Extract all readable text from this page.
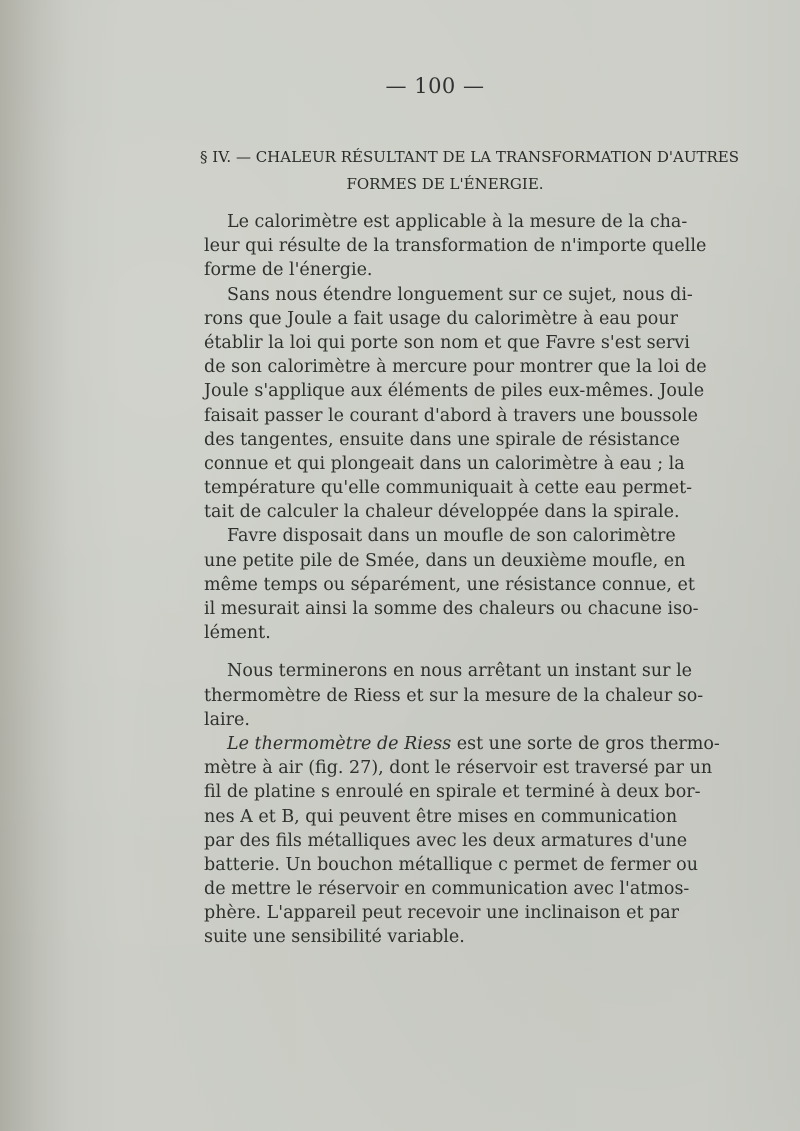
— 100 —
§ IV. — CHALEUR RÉSULTANT DE LA TRANSFORMATION D'AUTRES
FORMES DE L'ÉNERGIE.
Le calorimètre est applicable à la mesure de la cha-
leur qui résulte de la transformation de n'importe quelle
forme de l'énergie.
Sans nous étendre longuement sur ce sujet, nous di-
rons que Joule a fait usage du calorimètre à eau pour
établir la loi qui porte son nom et que Favre s'est servi
de son calorimètre à mercure pour montrer que la loi de
Joule s'applique aux éléments de piles eux-mêmes. Joule
faisait passer le courant d'abord à travers une boussole
des tangentes, ensuite dans une spirale de résistance
connue et qui plongeait dans un calorimètre à eau ; la
température qu'elle communiquait à cette eau permet-
tait de calculer la chaleur développée dans la spirale.
Favre disposait dans un moufle de son calorimètre
une petite pile de Smée, dans un deuxième moufle, en
même temps ou séparément, une résistance connue, et
il mesurait ainsi la somme des chaleurs ou chacune iso-
lément.
Nous terminerons en nous arrêtant un instant sur le
thermomètre de Riess et sur la mesure de la chaleur so-
laire.
Le thermomètre de Riess est une sorte de gros thermo-
mètre à air (fig. 27), dont le réservoir est traversé par un
fil de platine s enroulé en spirale et terminé à deux bor-
nes A et B, qui peuvent être mises en communication
par des fils métalliques avec les deux armatures d'une
batterie. Un bouchon métallique c permet de fermer ou
de mettre le réservoir en communication avec l'atmos-
phère. L'appareil peut recevoir une inclinaison et par
suite une sensibilité variable.
